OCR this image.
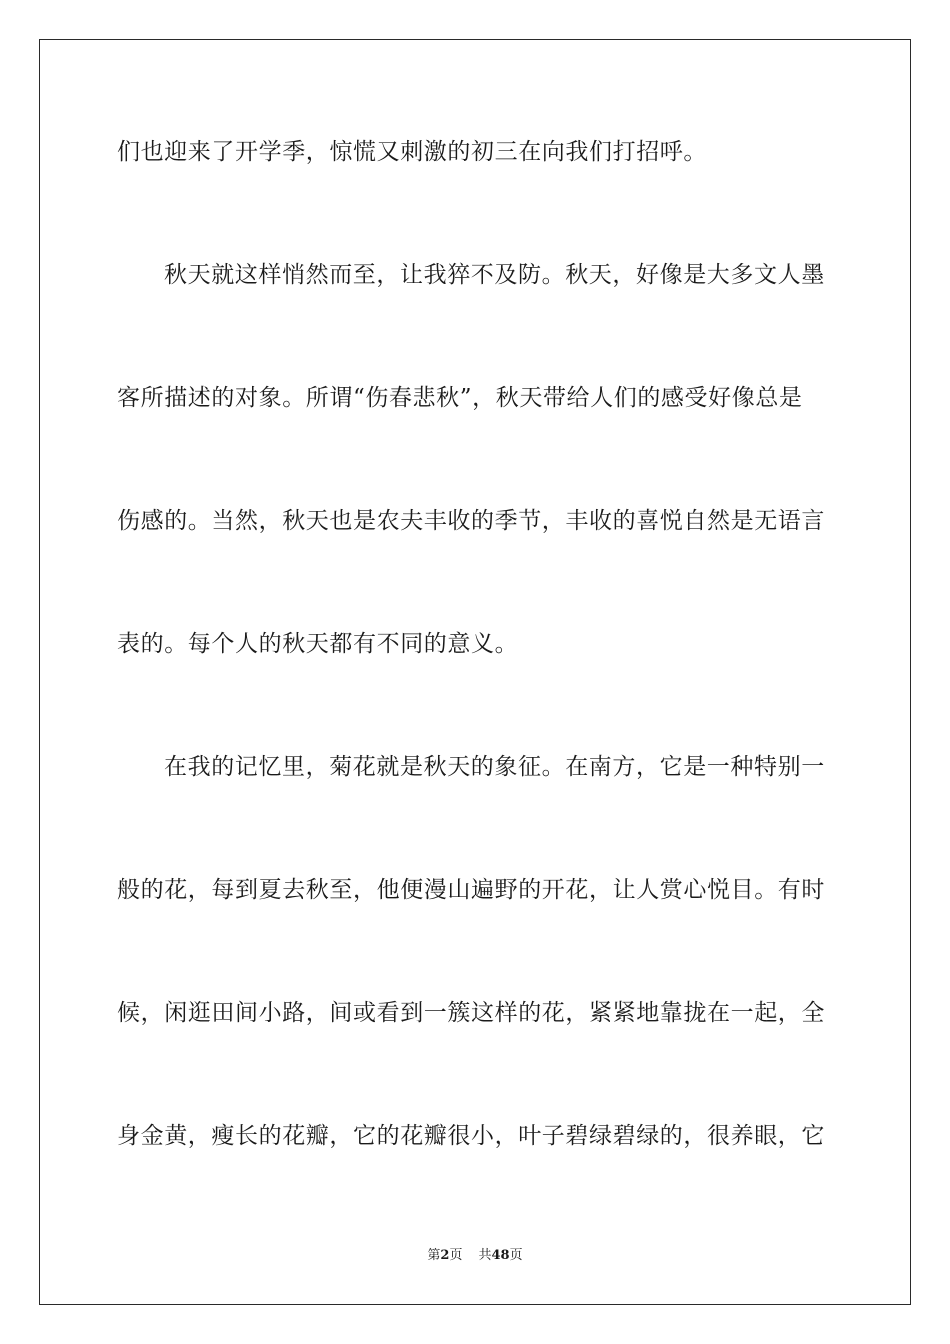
们也迎来了开学季，惊慌又刺激的初三在向我们打招呼。
秋天就这样悄然而至，让我猝不及防。秋天，好像是大多文人墨
客所描述的对象。所谓“伤春悲秋”，秋天带给人们的感受好像总是
伤感的。当然，秋天也是农夫丰收的季节，丰收的喜悦自然是无语言
表的。每个人的秋天都有不同的意义。
在我的记忆里，菊花就是秋天的象征。在南方，它是一种特别一
般的花，每到夏去秋至，他便漫山遍野的开花，让人赏心悦目。有时
候，闲逛田间小路，间或看到一簇这样的花，紧紧地靠拢在一起，全
身金黄，瘦长的花瓣，它的花瓣很小，叶子碧绿碧绿的，很养眼，它
第2页 共48页
